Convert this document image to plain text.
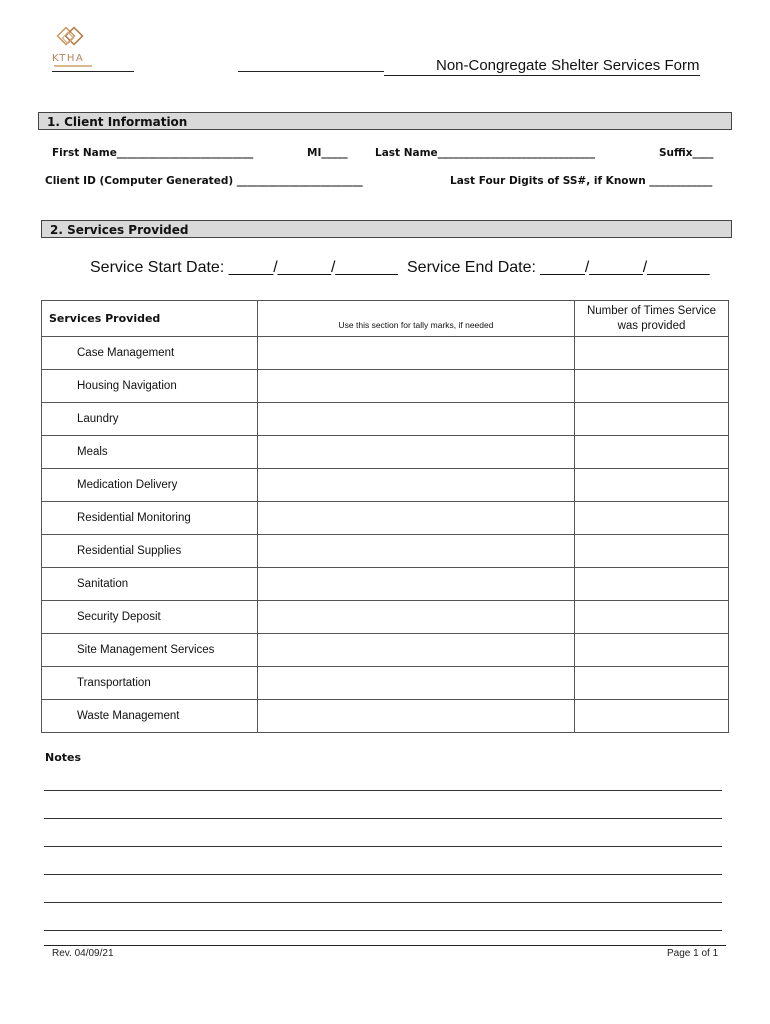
KTHA	Non-Congregate Shelter Services Form
1. Client Information
First Name__________________________	MI_____	Last Name______________________________	Suffix____
Client ID (Computer Generated) ________________________	Last Four Digits of SS#, if Known ____________
2. Services Provided
Service Start Date: _____/______/_______ Service End Date: _____/______/_______
Services Provided	Use this section for tally marks, if needed	Number of Times Service
was provided

Case Management		
Housing Navigation		
Laundry		
Meals		
Medication Delivery		
Residential Monitoring		
Residential Supplies		
Sanitation		
Security Deposit		
Site Management Services		
Transportation		
Waste Management		
Notes
Rev. 04/09/21	Page 1 of 1
